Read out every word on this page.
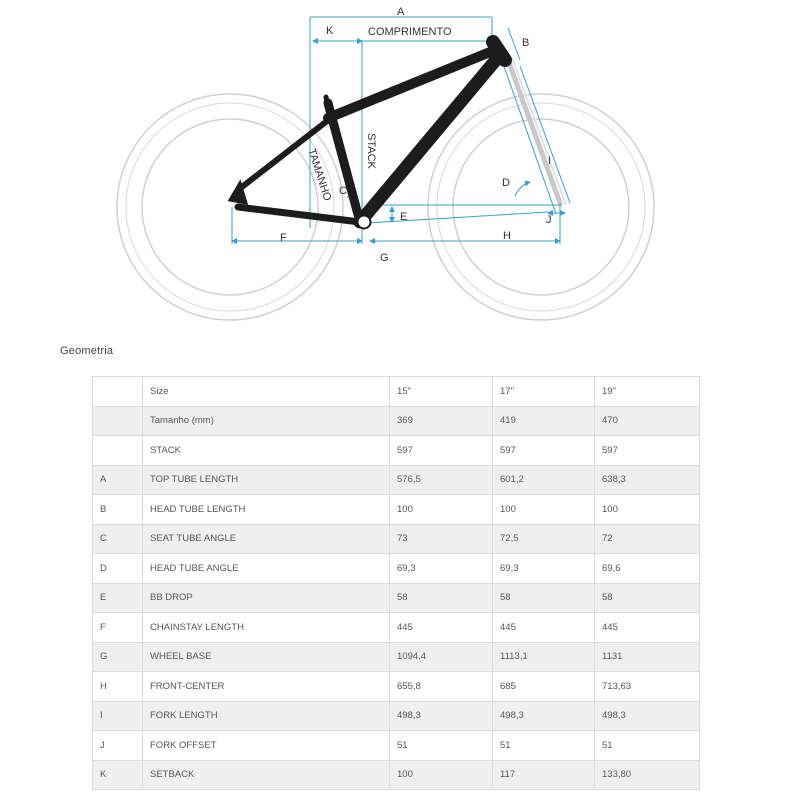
A
K	COMPRIMENTO
B
STACK
TAMANHO C
D
I
E	J
F	H
G
Geometria
	Size	15"	17"	19"
	Tamanho (mm)	369	419	470
	STACK	597	597	597
A	TOP TUBE LENGTH	576,5	601,2	638,3
B	HEAD TUBE LENGTH	100	100	100
C	SEAT TUBE ANGLE	73	72,5	72
D	HEAD TUBE ANGLE	69,3	69,3	69,6
E	BB DROP	58	58	58
F	CHAINSTAY LENGTH	445	445	445
G	WHEEL BASE	1094,4	1113,1	1131
H	FRONT-CENTER	655,8	685	713,63
I	FORK LENGTH	498,3	498,3	498,3
J	FORK OFFSET	51	51	51
K	SETBACK	100	117	133,80
